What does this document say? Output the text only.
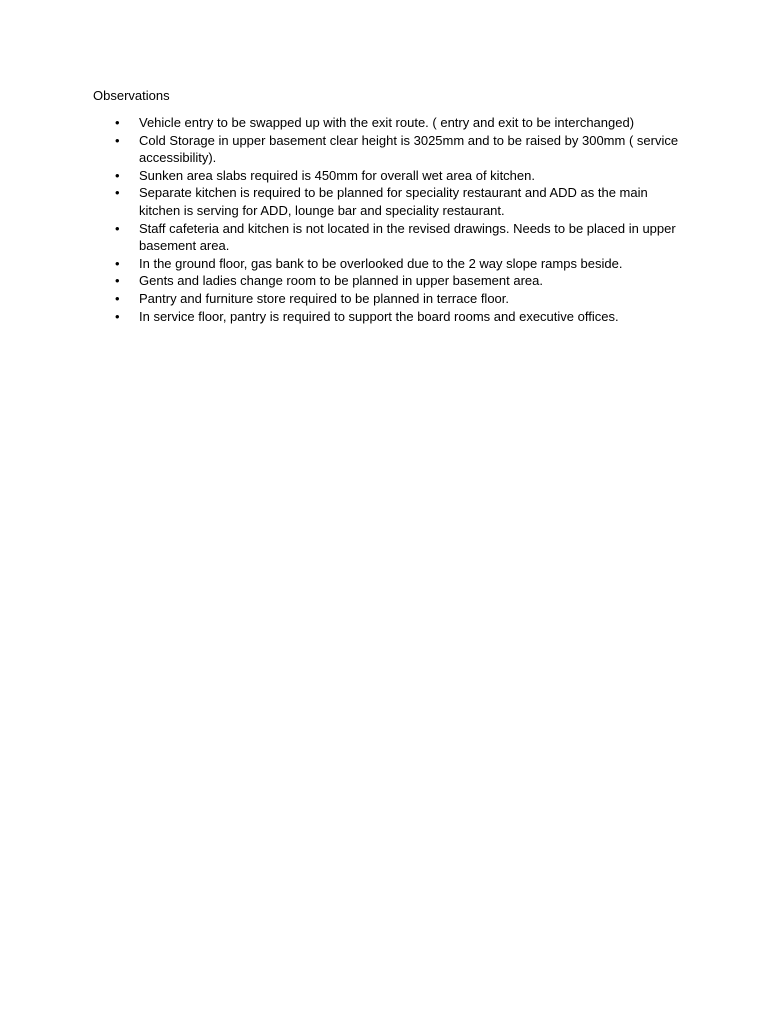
Observations

• Vehicle entry to be swapped up with the exit route. ( entry and exit to be interchanged)
• Cold Storage in upper basement clear height is 3025mm and to be raised by 300mm ( service accessibility).
• Sunken area slabs required is 450mm for overall wet area of kitchen.
• Separate kitchen is required to be planned for speciality restaurant and ADD as the main kitchen is serving for ADD, lounge bar and speciality restaurant.
• Staff cafeteria and kitchen is not located in the revised drawings. Needs to be placed in upper basement area.
• In the ground floor, gas bank to be overlooked due to the 2 way slope ramps beside.
• Gents and ladies change room to be planned in upper basement area.
• Pantry and furniture store required to be planned in terrace floor.
• In service floor, pantry is required to support the board rooms and executive offices.
